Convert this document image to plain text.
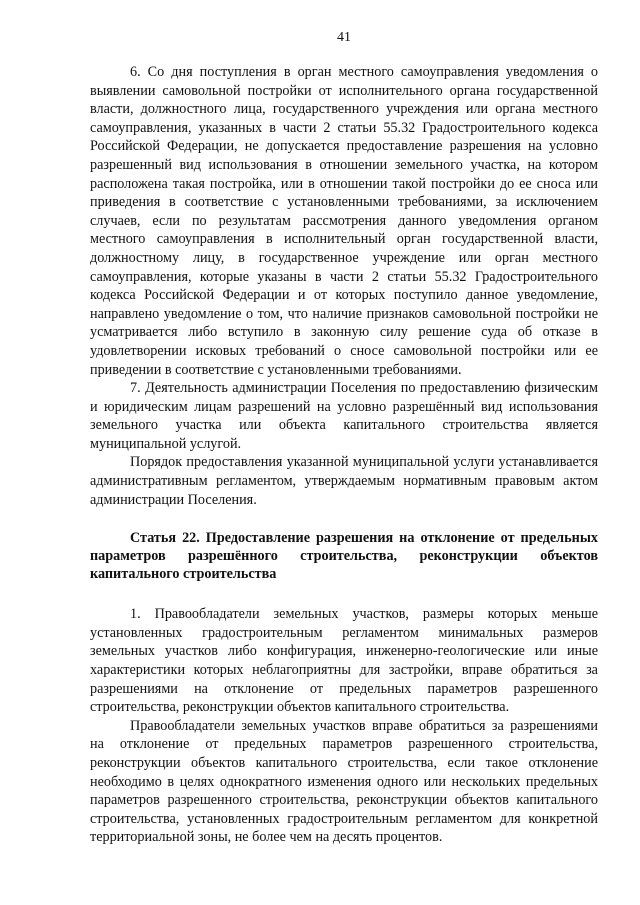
41

6. Со дня поступления в орган местного самоуправления уведомления о выявлении самовольной постройки от исполнительного органа государственной власти, должностного лица, государственного учреждения или органа местного самоуправления, указанных в части 2 статьи 55.32 Градостроительного кодекса Российской Федерации, не допускается предоставление разрешения на условно разрешенный вид использования в отношении земельного участка, на котором расположена такая постройка, или в отношении такой постройки до ее сноса или приведения в соответствие с установленными требованиями, за исключением случаев, если по результатам рассмотрения данного уведомления органом местного самоуправления в исполнительный орган государственной власти, должностному лицу, в государственное учреждение или орган местного самоуправления, которые указаны в части 2 статьи 55.32 Градостроительного кодекса Российской Федерации и от которых поступило данное уведомление, направлено уведомление о том, что наличие признаков самовольной постройки не усматривается либо вступило в законную силу решение суда об отказе в удовлетворении исковых требований о сносе самовольной постройки или ее приведении в соответствие с установленными требованиями.

7. Деятельность администрации Поселения по предоставлению физическим и юридическим лицам разрешений на условно разрешённый вид использования земельного участка или объекта капитального строительства является муниципальной услугой.

Порядок предоставления указанной муниципальной услуги устанавливается административным регламентом, утверждаемым нормативным правовым актом администрации Поселения.

Статья 22. Предоставление разрешения на отклонение от предельных параметров разрешённого строительства, реконструкции объектов капитального строительства

1. Правообладатели земельных участков, размеры которых меньше установленных градостроительным регламентом минимальных размеров земельных участков либо конфигурация, инженерно-геологические или иные характеристики которых неблагоприятны для застройки, вправе обратиться за разрешениями на отклонение от предельных параметров разрешенного строительства, реконструкции объектов капитального строительства.

Правообладатели земельных участков вправе обратиться за разрешениями на отклонение от предельных параметров разрешенного строительства, реконструкции объектов капитального строительства, если такое отклонение необходимо в целях однократного изменения одного или нескольких предельных параметров разрешенного строительства, реконструкции объектов капитального строительства, установленных градостроительным регламентом для конкретной территориальной зоны, не более чем на десять процентов.
